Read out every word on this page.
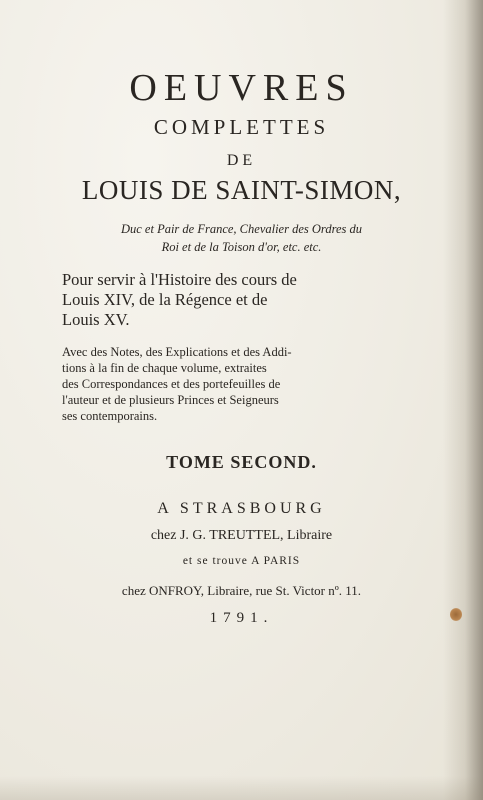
OEUVRES
COMPLETTES
DE
LOUIS DE SAINT-SIMON,
Duc et Pair de France, Chevalier des Ordres du
Roi et de la Toison d'or, etc. etc.
Pour servir à l'Histoire des cours de
Louis XIV, de la Régence et de
Louis XV.
Avec des Notes, des Explications et des Addi-
tions à la fin de chaque volume, extraites
des Correspondances et des portefeuilles de
l'auteur et de plusieurs Princes et Seigneurs
ses contemporains.
TOME SECOND.
A STRASBOURG
chez J. G. TREUTTEL, Libraire
et se trouve A PARIS
chez ONFROY, Libraire, rue St. Victor nº. 11.
1791.
